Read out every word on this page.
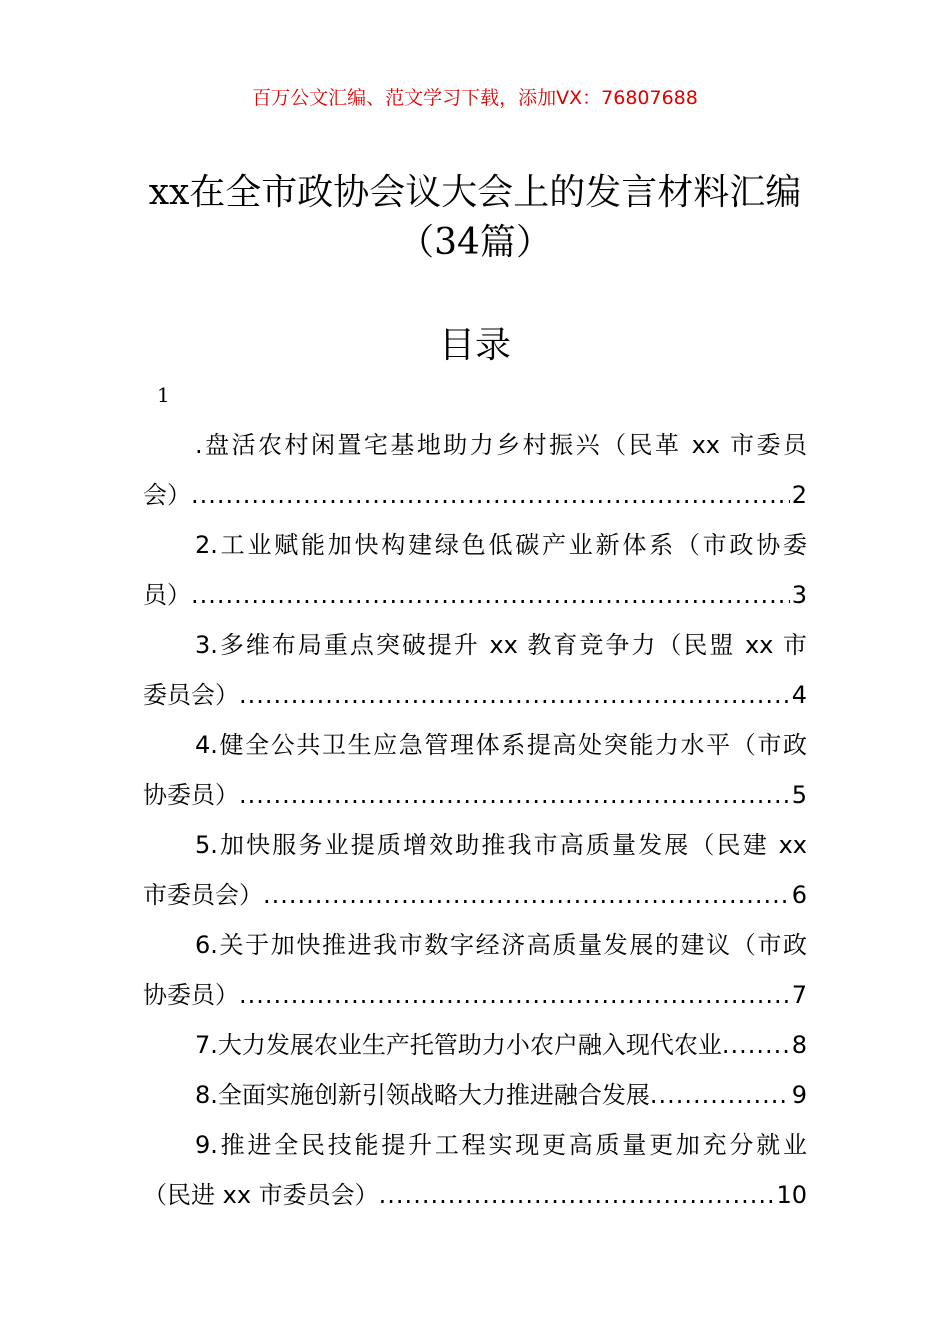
百万公文汇编、范文学习下载，添加VX：76807688
xx在全市政协会议大会上的发言材料汇编
（34篇）
目录
1
.盘活农村闲置宅基地助力乡村振兴（民革 xx 市委员
会） .....	2
2.工业赋能加快构建绿色低碳产业新体系（市政协委
员） .....	3
3.多维布局重点突破提升 xx 教育竞争力（民盟 xx 市
委员会） .....	4
4.健全公共卫生应急管理体系提高处突能力水平（市政
协委员） .....	5
5.加快服务业提质增效助推我市高质量发展（民建 xx
市委员会） .....	6
6.关于加快推进我市数字经济高质量发展的建议（市政
协委员） .....	7
7.大力发展农业生产托管助力小农户融入现代农业 .....	8
8.全面实施创新引领战略大力推进融合发展 .....	9
9.推进全民技能提升工程实现更高质量更加充分就业
（民进 xx 市委员会） .....	10
